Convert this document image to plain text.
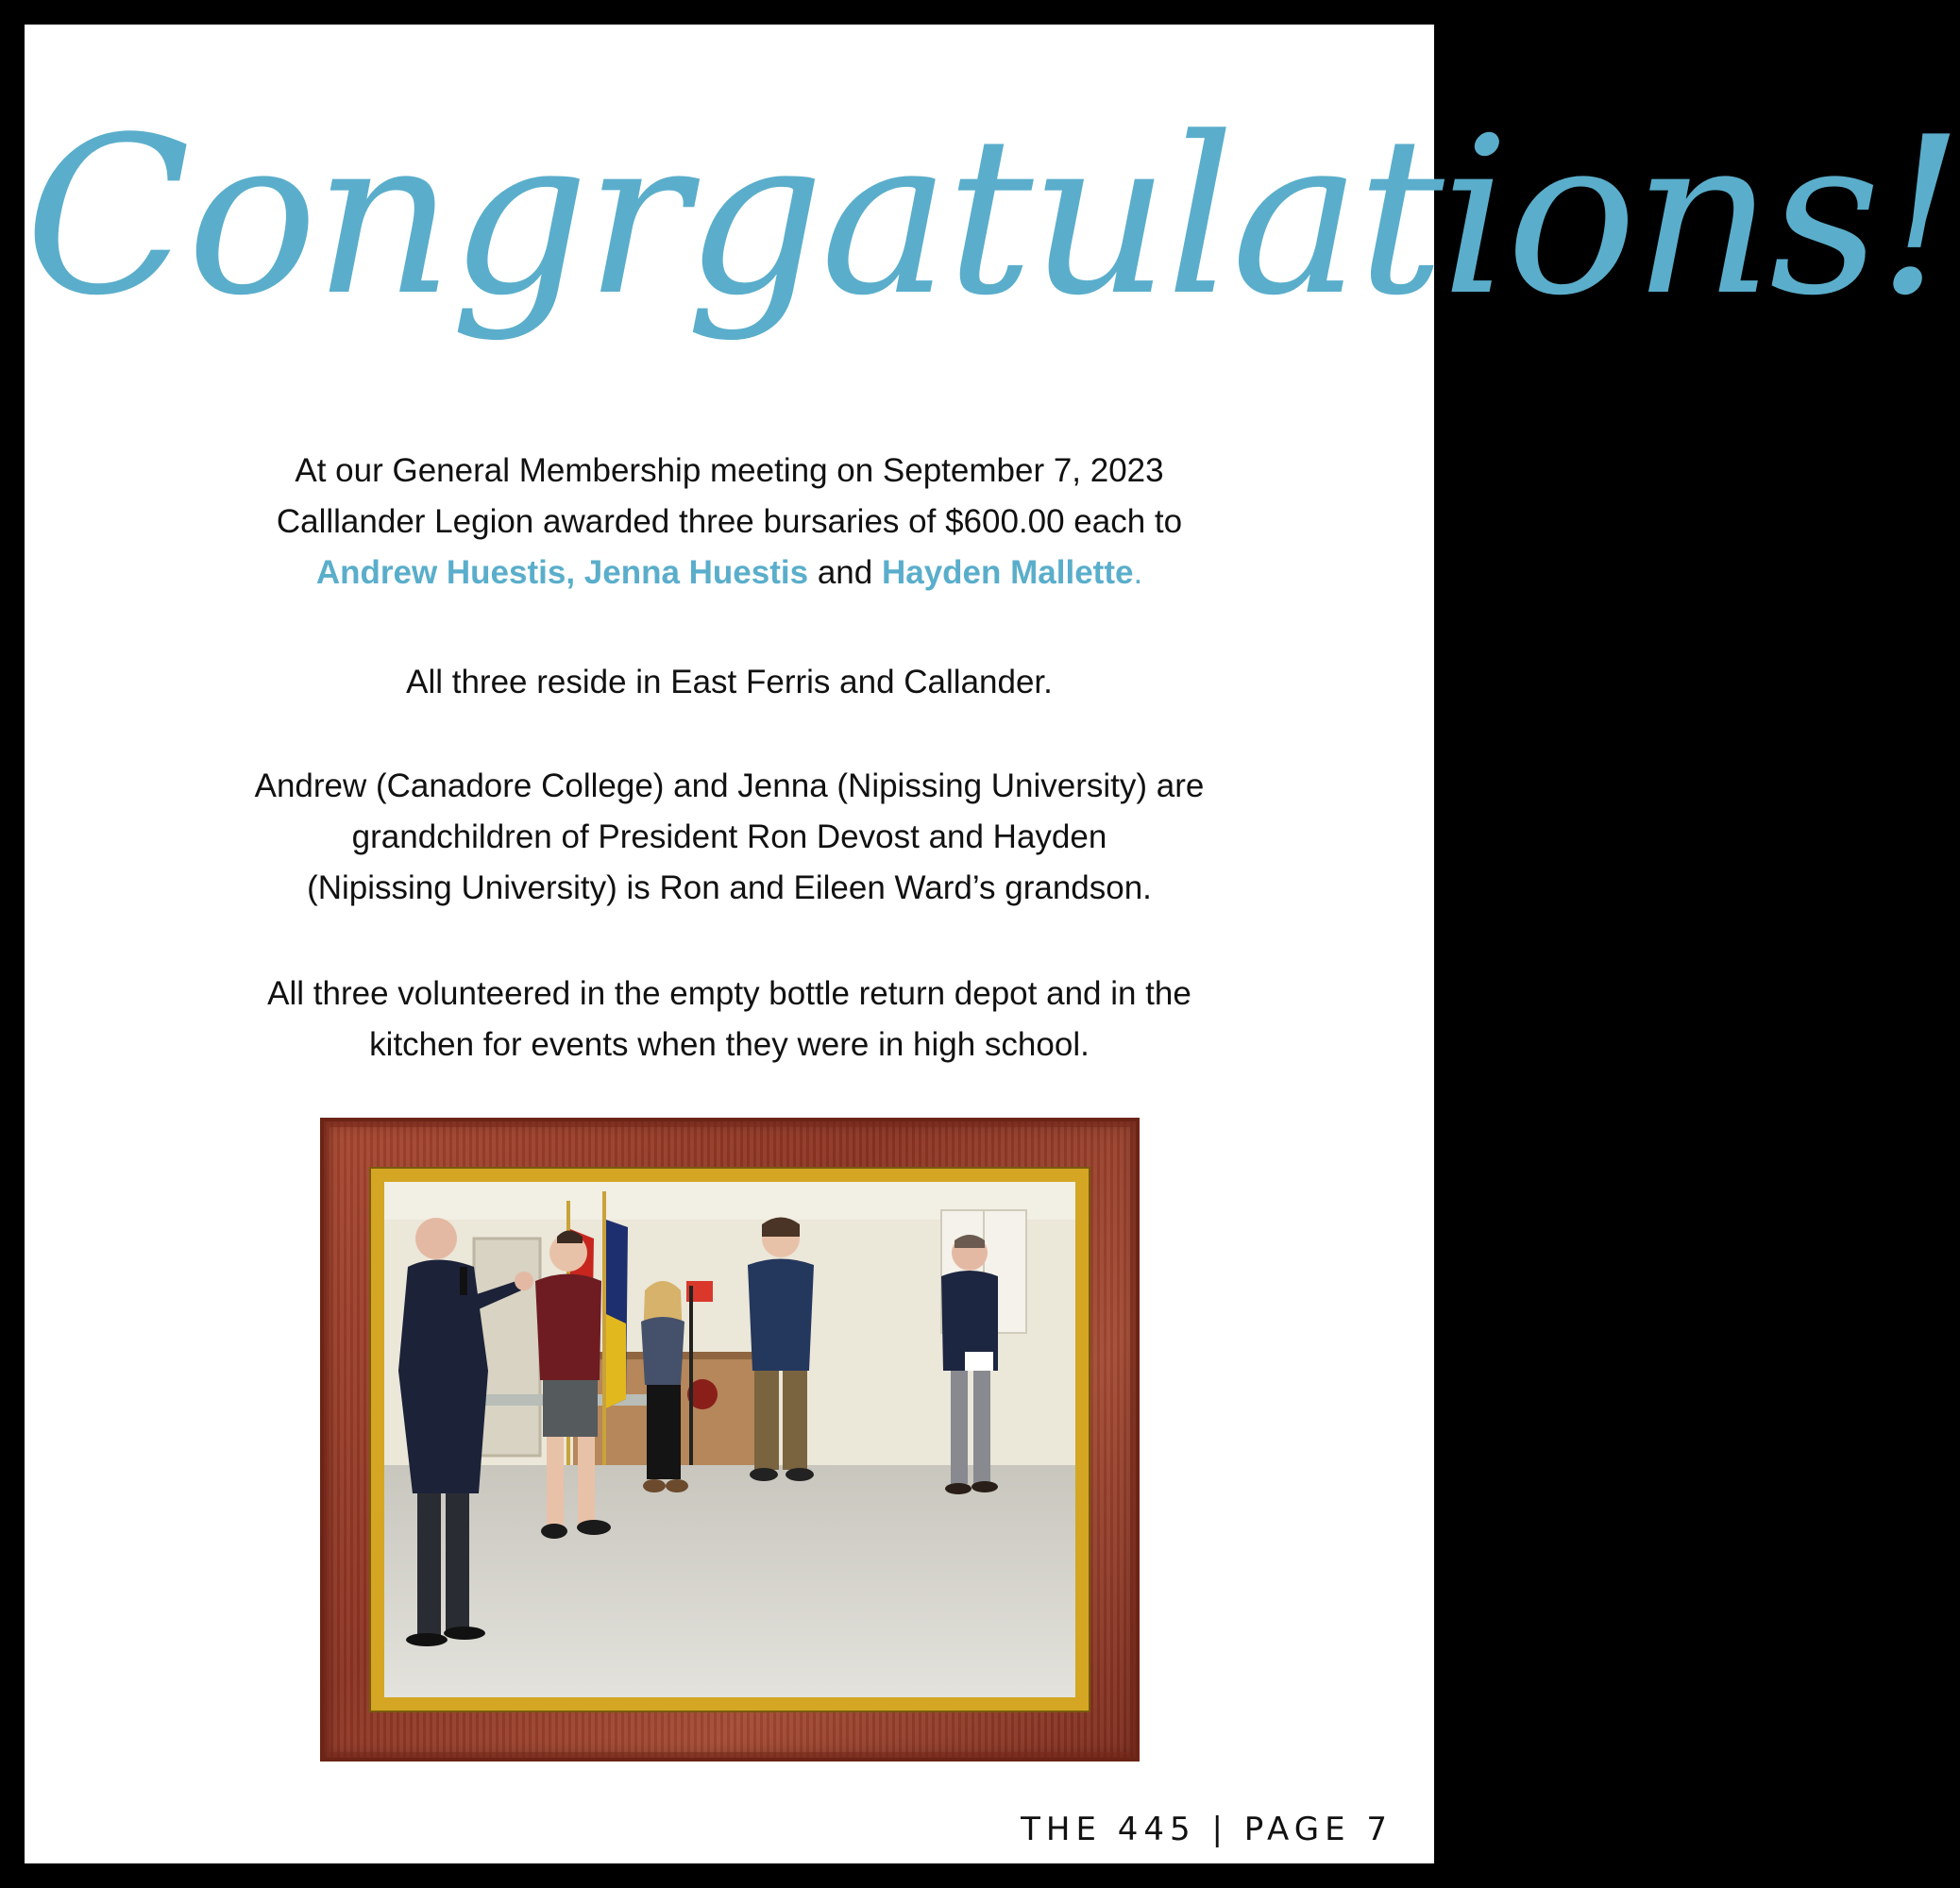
Congrgatulations!
At our General Membership meeting on September 7, 2023
Calllander Legion awarded three bursaries of $600.00 each to
Andrew Huestis, Jenna Huestis and Hayden Mallette.
All three reside in East Ferris and Callander.
Andrew (Canadore College) and Jenna (Nipissing University) are
grandchildren of President Ron Devost and Hayden
(Nipissing University) is Ron and Eileen Ward’s grandson.
All three volunteered in the empty bottle return depot and in the
kitchen for events when they were in high school.
THE 445 | PAGE 7
